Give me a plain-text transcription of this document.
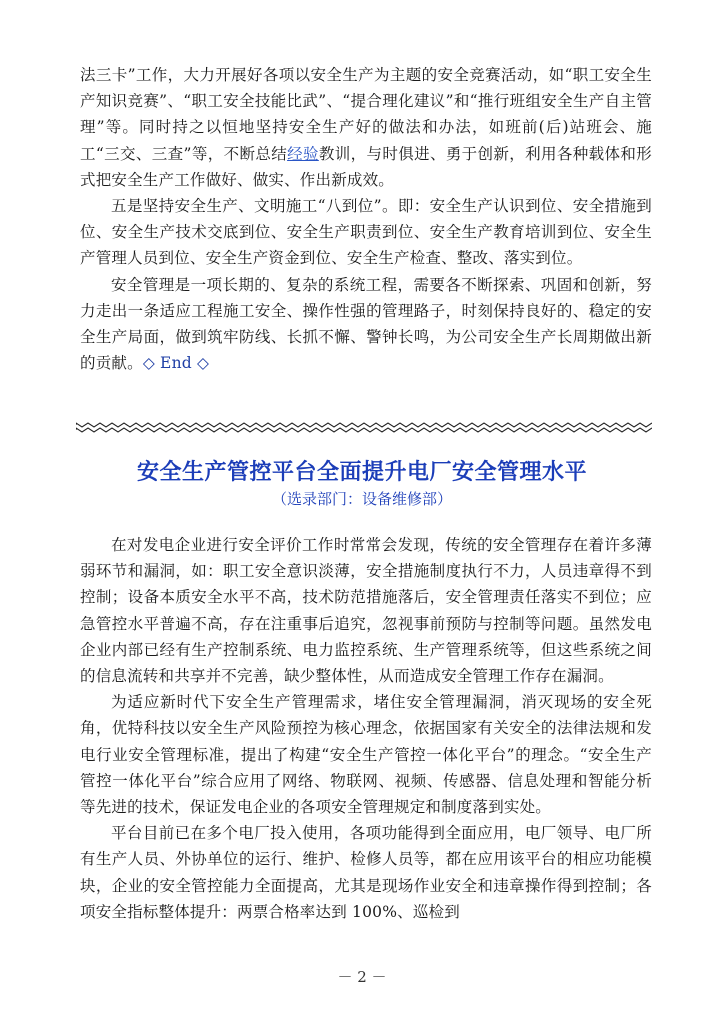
法三卡”工作，大力开展好各项以安全生产为主题的安全竞赛活动，如“职工安全生产知识竞赛”、“职工安全技能比武”、“提合理化建议”和“推行班组安全生产自主管理”等。同时持之以恒地坚持安全生产好的做法和办法，如班前(后)站班会、施工“三交、三查”等，不断总结经验教训，与时俱进、勇于创新，利用各种载体和形式把安全生产工作做好、做实、作出新成效。

五是坚持安全生产、文明施工“八到位”。即：安全生产认识到位、安全措施到位、安全生产技术交底到位、安全生产职责到位、安全生产教育培训到位、安全生产管理人员到位、安全生产资金到位、安全生产检查、整改、落实到位。

安全管理是一项长期的、复杂的系统工程，需要各不断探索、巩固和创新，努力走出一条适应工程施工安全、操作性强的管理路子，时刻保持良好的、稳定的安全生产局面，做到筑牢防线、长抓不懈、警钟长鸣，为公司安全生产长周期做出新的贡献。◇ End ◇

安全生产管控平台全面提升电厂安全管理水平
（选录部门：设备维修部）

在对发电企业进行安全评价工作时常常会发现，传统的安全管理存在着许多薄弱环节和漏洞，如：职工安全意识淡薄，安全措施制度执行不力，人员违章得不到控制；设备本质安全水平不高，技术防范措施落后，安全管理责任落实不到位；应急管控水平普遍不高，存在注重事后追究，忽视事前预防与控制等问题。虽然发电企业内部已经有生产控制系统、电力监控系统、生产管理系统等，但这些系统之间的信息流转和共享并不完善，缺少整体性，从而造成安全管理工作存在漏洞。

为适应新时代下安全生产管理需求，堵住安全管理漏洞，消灭现场的安全死角，优特科技以安全生产风险预控为核心理念，依据国家有关安全的法律法规和发电行业安全管理标准，提出了构建“安全生产管控一体化平台”的理念。“安全生产管控一体化平台”综合应用了网络、物联网、视频、传感器、信息处理和智能分析等先进的技术，保证发电企业的各项安全管理规定和制度落到实处。

平台目前已在多个电厂投入使用，各项功能得到全面应用，电厂领导、电厂所有生产人员、外协单位的运行、维护、检修人员等，都在应用该平台的相应功能模块，企业的安全管控能力全面提高，尤其是现场作业安全和违章操作得到控制；各项安全指标整体提升：两票合格率达到 100%、巡检到

－ 2 －
